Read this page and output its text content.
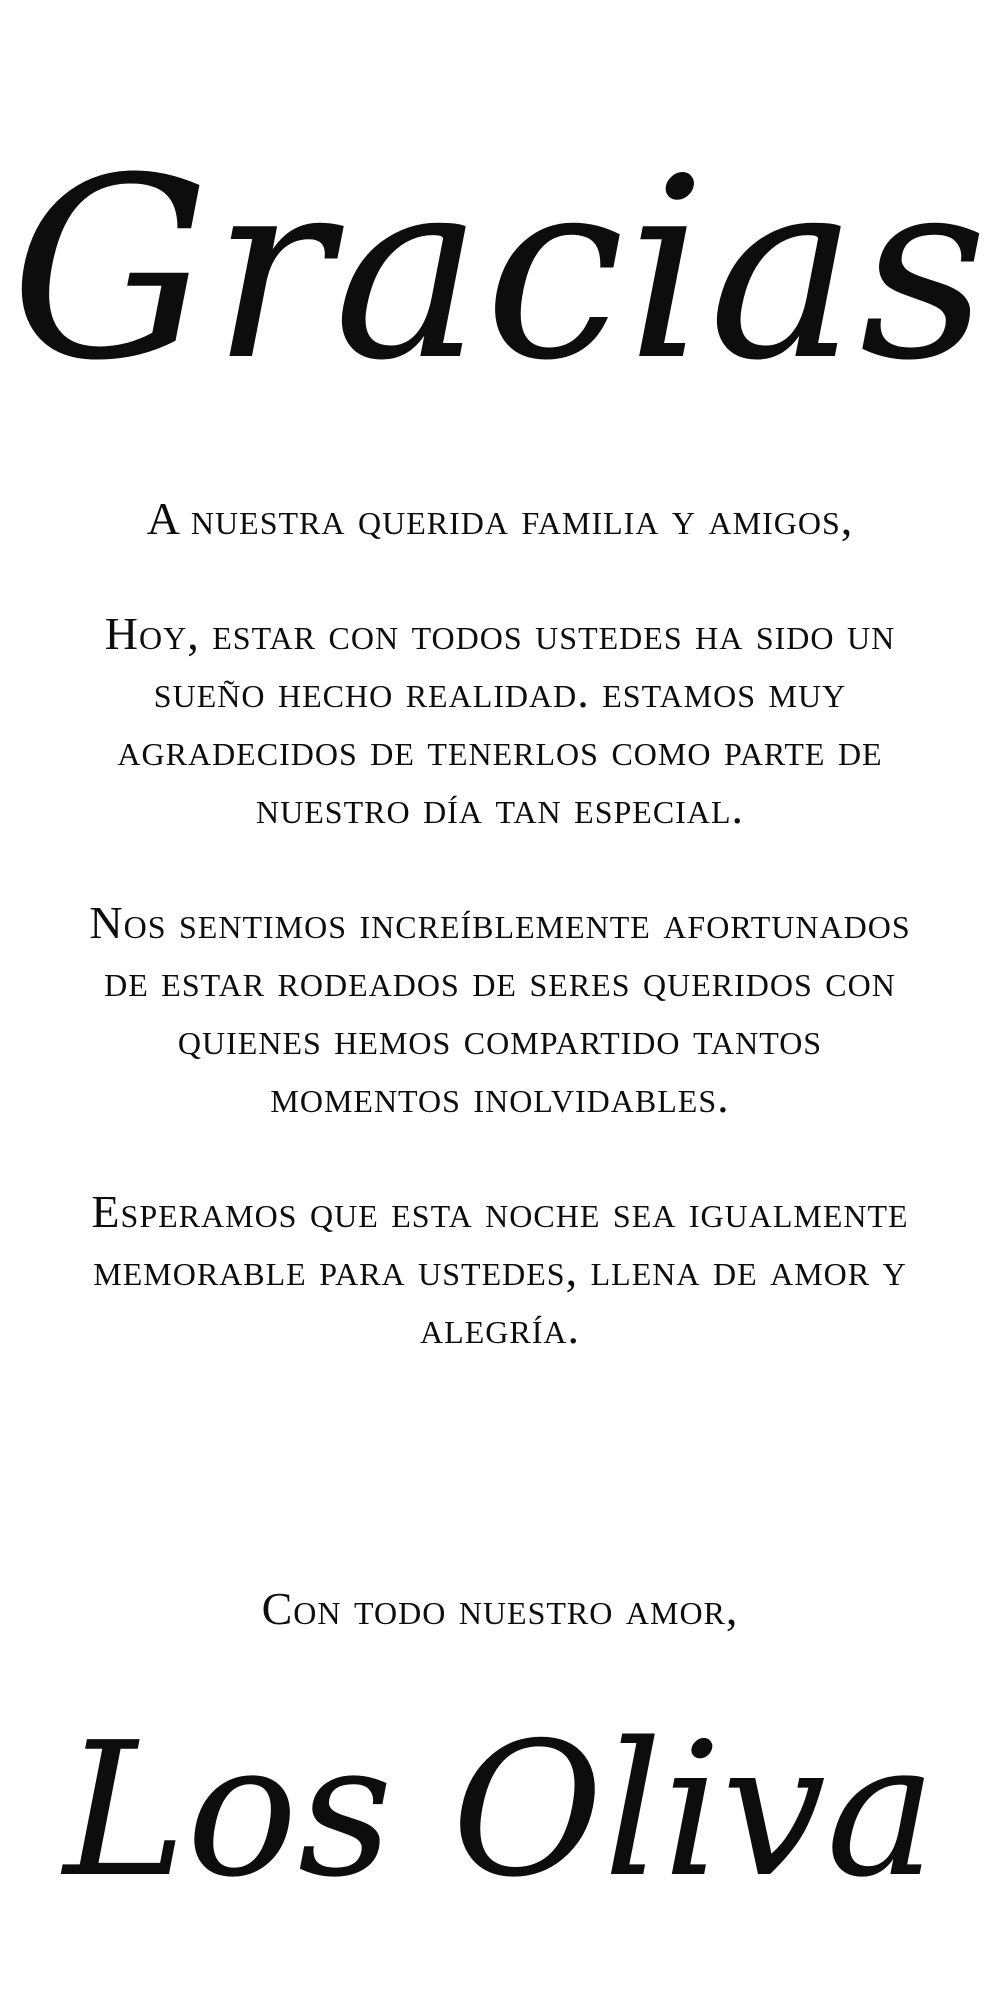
Gracias

A nuestra querida familia y amigos,

Hoy, estar con todos ustedes ha sido un sueño hecho realidad. estamos muy agradecidos de tenerlos como parte de nuestro día tan especial.

Nos sentimos increíblemente afortunados de estar rodeados de seres queridos con quienes hemos compartido tantos momentos inolvidables.

Esperamos que esta noche sea igualmente memorable para ustedes, llena de amor y alegría.

Con todo nuestro amor,
Los Oliva
